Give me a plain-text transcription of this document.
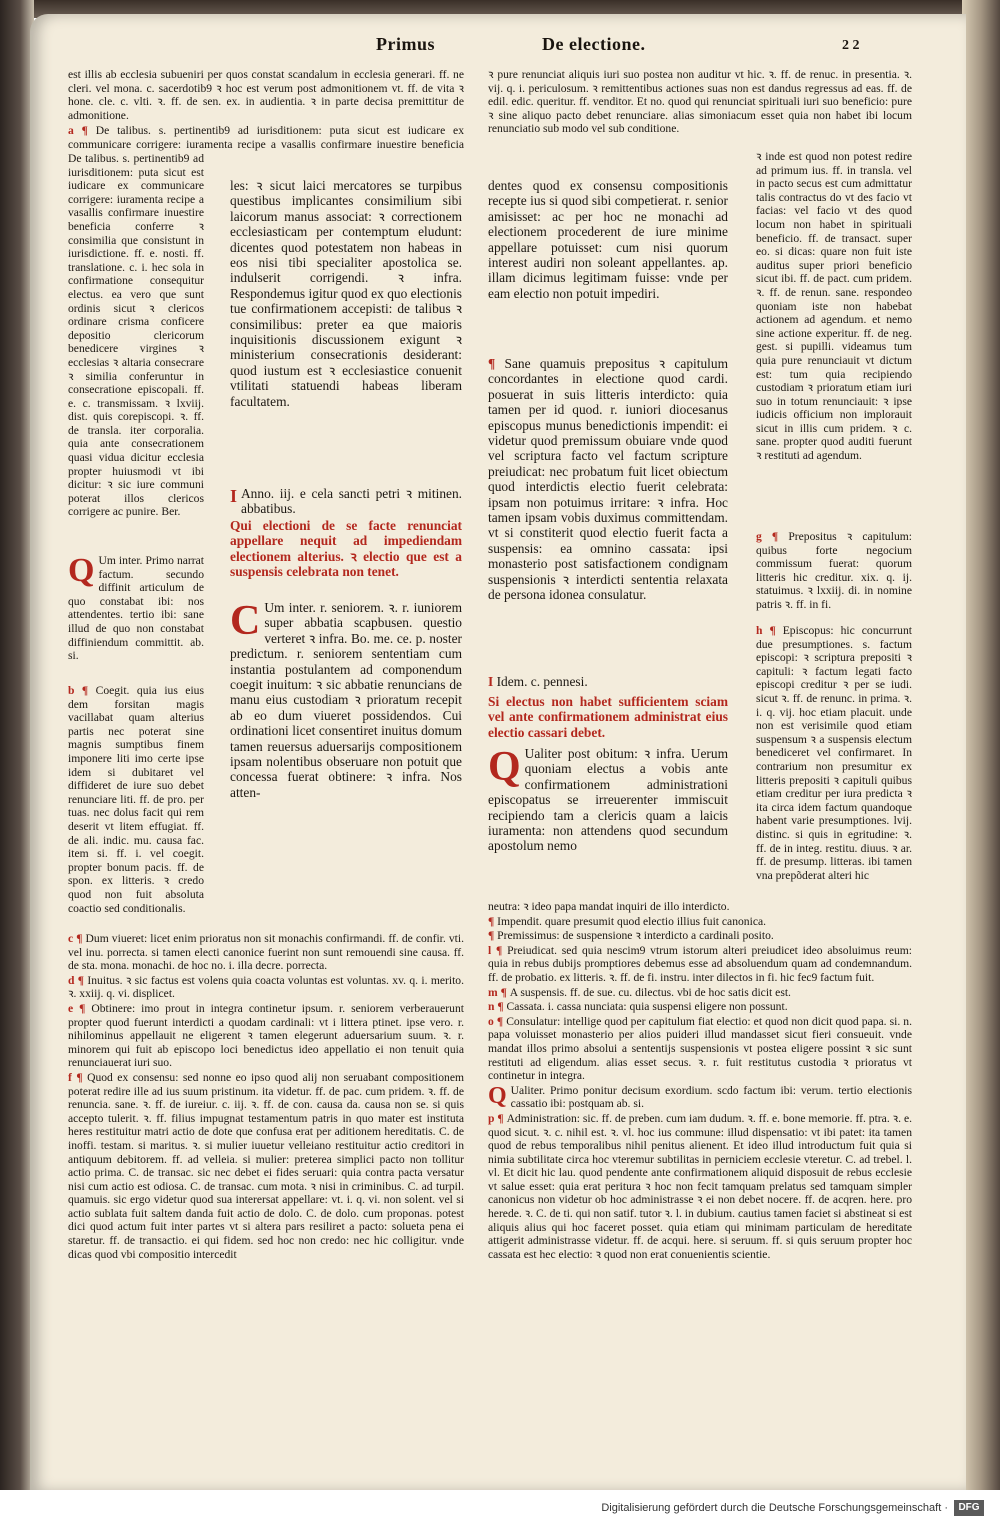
Primus	De electione.	2 2
est illis ab ecclesia subueniri per quos constat scandalum in ecclesia generari. ff. ne cleri. vel mona. c. sacerdotib9 ꝛ hoc est verum post admonitionem vt. ff. de vita ꝛ hone. cle. c. vlti. ꝛ. ff. de sen. ex. in audientia. ꝛ in parte decisa premittitur de admonitione.
a ¶ De talibus. s. pertinentib9 ad iurisditionem: puta sicut est iudicare ex communicare corrigere: iuramenta recipe a vasallis confirmare inuestire beneficia
De talibus. s. pertinentib9 ad iurisditionem: puta sicut est iudicare ex communicare corrigere: iuramenta recipe a vasallis confirmare inuestire beneficia conferre ꝛ consimilia que consistunt in iurisdictione. ff. e. nosti. ff. translatione. c. i. hec sola in confirmatione consequitur electus. ea vero que sunt ordinis sicut ꝛ clericos ordinare crisma conficere depositio clericorum benedicere virgines ꝛ ecclesias ꝛ altaria consecrare ꝛ similia conferuntur in consecratione episcopali. ff. e. c. transmissam. ꝛ lxviij. dist. quis corepiscopi. ꝛ. ff. de transla. iter corporalia. quia ante consecrationem quasi vidua dicitur ecclesia propter huiusmodi vt ibi dicitur: ꝛ sic iure communi poterat illos clericos corrigere ac punire. Ber.
Q Um inter. Primo narrat factum. secundo diffinit articulum de quo constabat ibi: nos attendentes. tertio ibi: sane illud de quo non constabat diffiniendum committit. ab. si.
b ¶ Coegit. quia ius eius dem forsitan magis vacillabat quam alterius partis nec poterat sine magnis sumptibus finem imponere liti imo certe ipse idem si dubitaret vel diffideret de iure suo debet renunciare liti. ff. de pro. per tuas. nec dolus facit qui rem deserit vt litem effugiat. ff. de ali. indic. mu. causa fac. item si. ff. i. vel coegit. propter bonum pacis. ff. de spon. ex litteris. ꝛ credo quod non fuit absoluta coactio sed conditionalis.
ꝛ pure renunciat aliquis iuri suo postea non auditur vt hic. ꝛ. ff. de renuc. in presentia. ꝛ. vij. q. i. periculosum. ꝛ remittentibus actiones suas non est dandus regressus ad eas. ff. de edil. edic. queritur. ff. venditor. Et no. quod qui renunciat spirituali iuri suo beneficio: pure ꝛ sine aliquo pacto debet renunciare. alias simoniacum esset quia non habet ibi locum renunciatio sub modo vel sub conditione.
ꝛ inde est quod non potest redire ad primum ius. ff. in transla. vel in pacto secus est cum admittatur talis contractus do vt des facio vt facias: vel facio vt des quod locum non habet in spirituali beneficio. ff. de transact. super eo. si dicas: quare non fuit iste auditus super priori beneficio sicut ibi. ff. de pact. cum pridem. ꝛ. ff. de renun. sane. respondeo quoniam iste non habebat actionem ad agendum. et nemo sine actione experitur. ff. de neg. gest. si pupilli. videamus tum quia pure renunciauit vt dictum est: tum quia recipiendo custodiam ꝛ prioratum etiam iuri suo in totum renunciauit: ꝛ ipse iudicis officium non implorauit sicut in illis cum pridem. ꝛ c. sane. propter quod auditi fuerunt ꝛ restituti ad agendum.
g ¶ Prepositus ꝛ capitulum: quibus forte negocium commissum fuerat: quorum litteris hic creditur. xix. q. ij. statuimus. ꝛ lxxiij. di. in nomine patris ꝛ. ff. in fi.
h ¶ Episcopus: hic concurrunt due presumptiones. s. factum episcopi: ꝛ scriptura prepositi ꝛ capituli: ꝛ factum legati facto episcopi creditur ꝛ per se iudi. sicut ꝛ. ff. de renunc. in prima. ꝛ. i. q. vij. hoc etiam placuit. unde non est verisimile quod etiam suspensum ꝛ a suspensis electum benediceret vel confirmaret. In contrarium non presumitur ex litteris prepositi ꝛ capituli quibus etiam creditur per iura predicta ꝛ ita circa idem factum quandoque habent varie presumptiones. lvij. distinc. si quis in egritudine: ꝛ. ff. de in integ. restitu. diuus. ꝛ ar. ff. de presump. litteras. ibi tamen vna prepõderat alteri hic
les: ꝛ sicut laici mercatores se turpibus questibus implicantes consimilium sibi laicorum manus associat: ꝛ correctionem ecclesiasticam per contemptum eludunt: dicentes quod potestatem non habeas in eos nisi tibi specialiter apostolica se. indulserit corrigendi. ꝛ infra. Respondemus igitur quod ex quo electionis tue confirmationem accepisti: de talibus ꝛ consimilibus: preter ea que maioris inquisitionis discussionem exigunt ꝛ ministerium consecrationis desiderant: quod iustum est ꝛ ecclesiastice conuenit vtilitati statuendi habeas liberam facultatem.
I Anno. iij. e cela sancti petri ꝛ mitinen. abbatibus.
Qui electioni de se facte renunciat appellare nequit ad impediendam electionem alterius. ꝛ electio que est a suspensis celebrata non tenet.
C Um inter. r. seniorem. ꝛ. r. iuniorem super abbatia scapbusen. questio verteret ꝛ infra. Bo. me. ce. p. noster predictum. r. seniorem sententiam cum instantia postulantem ad componendum coegit inuitum: ꝛ sic abbatie renuncians de manu eius custodiam ꝛ prioratum recepit ab eo dum viueret possidendos. Cui ordinationi licet consentiret inuitus domum tamen reuersus aduersarijs compositionem ipsam nolentibus obseruare non potuit que concessa fuerat obtinere: ꝛ infra. Nos atten-
dentes quod ex consensu compositionis recepte ius si quod sibi competierat. r. senior amisisset: ac per hoc ne monachi ad electionem procederent de iure minime appellare potuisset: cum nisi quorum interest audiri non soleant appellantes. ap. illam dicimus legitimam fuisse: vnde per eam electio non potuit impediri.
¶ Sane quamuis prepositus ꝛ capitulum concordantes in electione quod cardi. posuerat in suis litteris interdicto: quia tamen per id quod. r. iuniori diocesanus episcopus munus benedictionis impendit: ei videtur quod premissum obuiare vnde quod vel scriptura facto vel factum scripture preiudicat: nec probatum fuit licet obiectum quod interdictis electio fuerit celebrata: ipsam non potuimus irritare: ꝛ infra. Hoc tamen ipsam vobis duximus committendam. vt si constiterit quod electio fuerit facta a suspensis: ea omnino cassata: ipsi monasterio post satisfactionem condignam suspensionis ꝛ interdicti sententia relaxata de persona idonea consulatur.
I Idem. c. pennesi.
Si electus non habet sufficientem sciam vel ante confirmationem administrat eius electio cassari debet.
Q Ualiter post obitum: ꝛ infra. Uerum quoniam electus a vobis ante confirmationem administrationi episcopatus se irreuerenter immiscuit recipiendo tam a clericis quam a laicis iuramenta: non attendens quod secundum apostolum nemo
c ¶ Dum viueret: licet enim prioratus non sit monachis confirmandi. ff. de confir. vti. vel inu. porrecta. si tamen electi canonice fuerint non sunt remouendi sine causa. ff. de sta. mona. monachi. de hoc no. i. illa decre. porrecta.
d ¶ Inuitus. ꝛ sic factus est volens quia coacta voluntas est voluntas. xv. q. i. merito. ꝛ. xxiij. q. vi. displicet.
e ¶ Obtinere: imo prout in integra continetur ipsum. r. seniorem verberauerunt propter quod fuerunt interdicti a quodam cardinali: vt i littera ptinet. ipse vero. r. nihilominus appellauit ne eligerent ꝛ tamen elegerunt aduersarium suum. ꝛ. r. minorem qui fuit ab episcopo loci benedictus ideo appellatio ei non tenuit quia renunciauerat iuri suo.
f ¶ Quod ex consensu: sed nonne eo ipso quod alij non seruabant compositionem poterat redire ille ad ius suum pristinum. ita videtur. ff. de pac. cum pridem. ꝛ. ff. de renuncia. sane. ꝛ. ff. de iureiur. c. iij. ꝛ. ff. de con. causa da. causa non se. si quis accepto tulerit. ꝛ. ff. filius impugnat testamentum patris in quo mater est instituta heres restituitur matri actio de dote que confusa erat per aditionem hereditatis. C. de inoffi. testam. si maritus. ꝛ. si mulier iuuetur velleiano restituitur actio creditori in antiquum debitorem. ff. ad velleia. si mulier: preterea simplici pacto non tollitur actio prima. C. de transac. sic nec debet ei fides seruari: quia contra pacta versatur nisi cum actio est odiosa. C. de transac. cum mota. ꝛ nisi in criminibus. C. ad turpil. quamuis. sic ergo videtur quod sua interersat appellare: vt. i. q. vi. non solent. vel si actio sublata fuit saltem danda fuit actio de dolo. C. de dolo. cum proponas. potest dici quod actum fuit inter partes vt si altera pars resiliret a pacto: solueta pena ei staretur. ff. de transactio. ei qui fidem. sed hoc non credo: nec hic colligitur. vnde dicas quod vbi compositio intercedit
neutra: ꝛ ideo papa mandat inquiri de illo interdicto.
¶ Impendit. quare presumit quod electio illius fuit canonica.
¶ Premissimus: de suspensione ꝛ interdicto a cardinali posito.
l ¶ Preiudicat. sed quia nescim9 vtrum istorum alteri preiudicet ideo absoluimus reum: quia in rebus dubijs promptiores debemus esse ad absoluendum quam ad condemnandum. ff. de probatio. ex litteris. ꝛ. ff. de fi. instru. inter dilectos in fi. hic fec9 factum fuit.
m ¶ A suspensis. ff. de sue. cu. dilectus. vbi de hoc satis dicit est.
n ¶ Cassata. i. cassa nunciata: quia suspensi eligere non possunt.
o ¶ Consulatur: intellige quod per capitulum fiat electio: et quod non dicit quod papa. si. n. papa voluisset monasterio per alios puideri illud mandasset sicut fieri consueuit. vnde mandat illos primo absolui a sententijs suspensionis vt postea eligere possint ꝛ sic sunt restituti ad eligendum. alias esset secus. ꝛ. r. fuit restitutus custodia ꝛ prioratus vt continetur in integra.
Q Ualiter. Primo ponitur decisum exordium. scdo factum ibi: verum. tertio electionis cassatio ibi: postquam ab. si.
p ¶ Administration: sic. ff. de preben. cum iam dudum. ꝛ. ff. e. bone memorie. ff. ptra. ꝛ. e. quod sicut. ꝛ. c. nihil est. ꝛ. vl. hoc ius commune: illud dispensatio: vt ibi patet: ita tamen quod de rebus temporalibus nihil penitus alienent. Et ideo illud introductum fuit quia si nimia subtilitate circa hoc vteremur subtilitas in perniciem ecclesie vteretur. C. ad trebel. l. vl. Et dicit hic lau. quod pendente ante confirmationem aliquid disposuit de rebus ecclesie vt salue esset: quia erat peritura ꝛ hoc non fecit tamquam prelatus sed tamquam simpler canonicus non videtur ob hoc administrasse ꝛ ei non debet nocere. ff. de acqren. here. pro herede. ꝛ. C. de ti. qui non satif. tutor ꝛ. l. in dubium. cautius tamen faciet si abstineat si est aliquis alius qui hoc faceret posset. quia etiam qui minimam particulam de hereditate attigerit administrasse videtur. ff. de acqui. here. si seruum. ff. si quis seruum propter hoc cassata est hec electio: ꝛ quod non erat conuenientis scientie.
Digitalisierung gefördert durch die Deutsche Forschungsgemeinschaft ·	DFG
